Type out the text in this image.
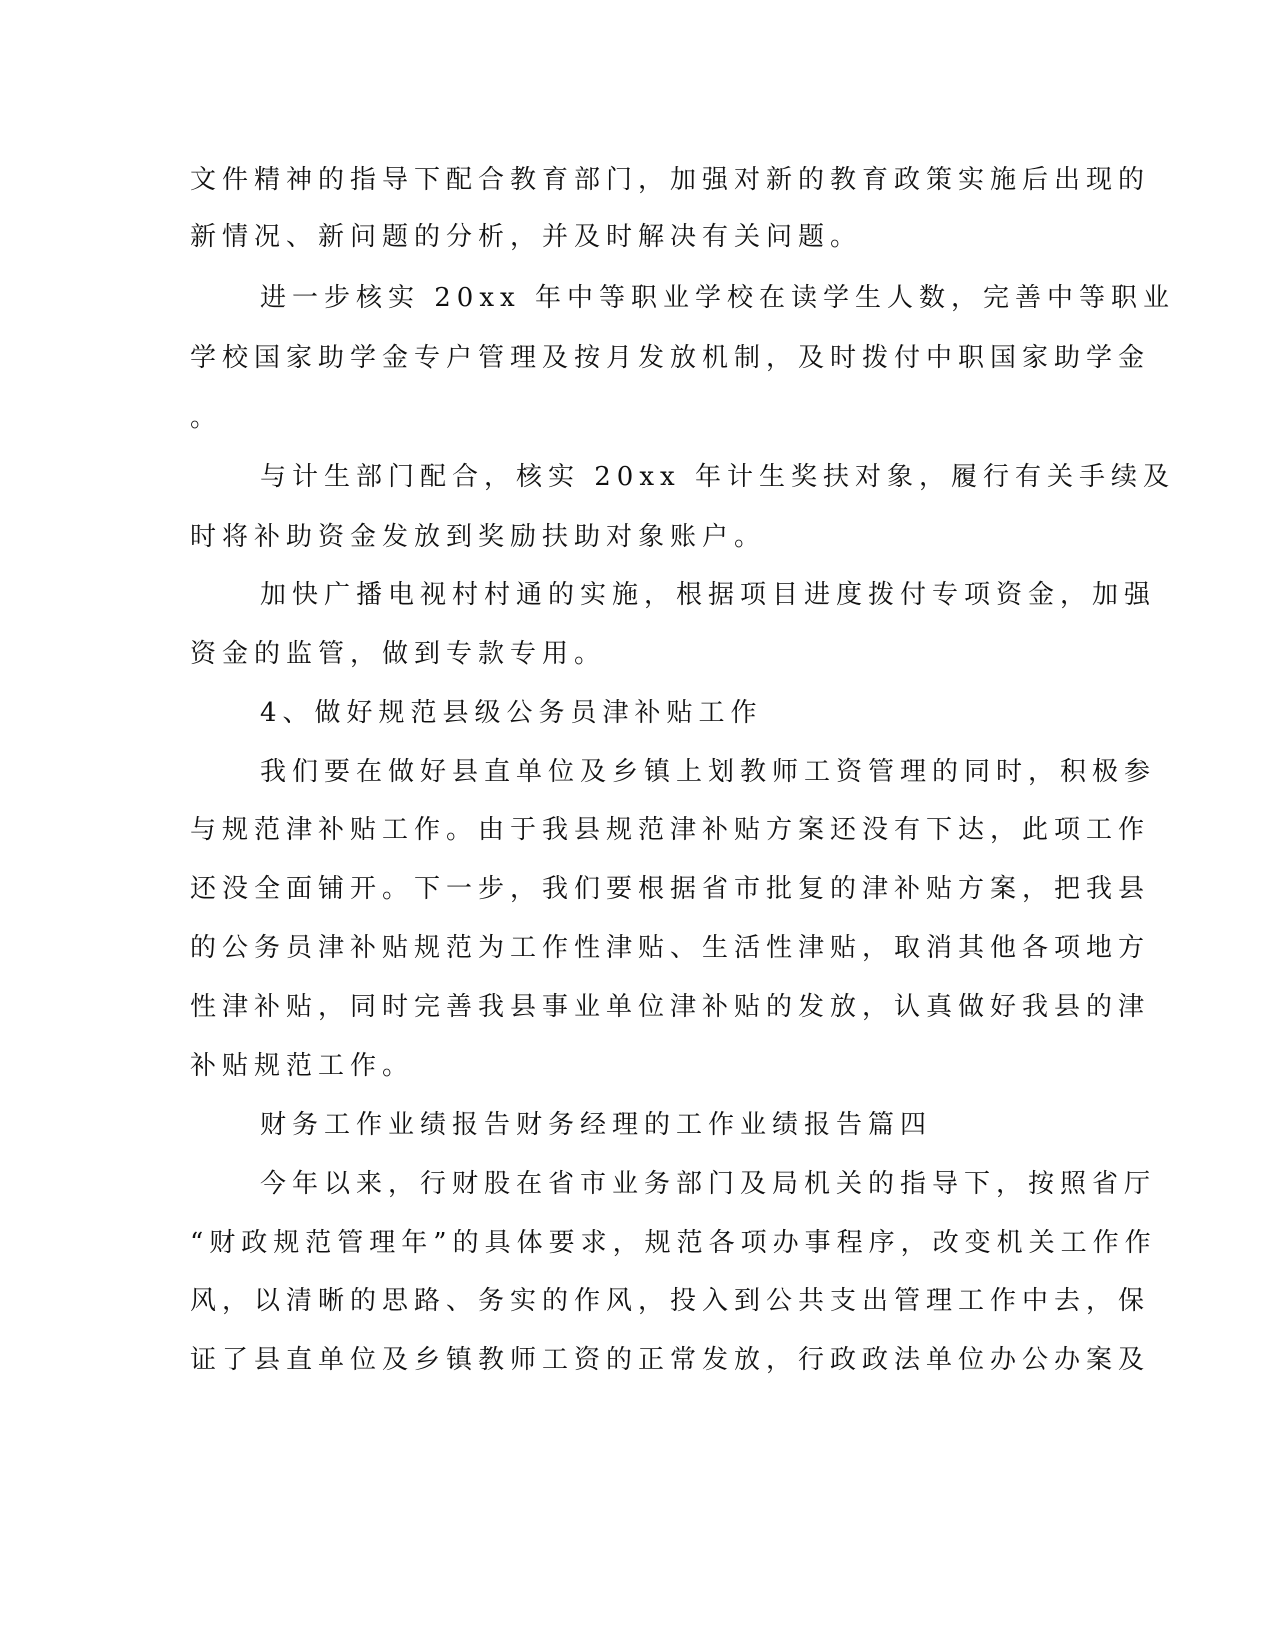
文件精神的指导下配合教育部门，加强对新的教育政策实施后出现的
新情况、新问题的分析，并及时解决有关问题。
进一步核实 20xx 年中等职业学校在读学生人数，完善中等职业
学校国家助学金专户管理及按月发放机制，及时拨付中职国家助学金
。
与计生部门配合，核实 20xx 年计生奖扶对象，履行有关手续及
时将补助资金发放到奖励扶助对象账户。
加快广播电视村村通的实施，根据项目进度拨付专项资金，加强
资金的监管，做到专款专用。
4、做好规范县级公务员津补贴工作
我们要在做好县直单位及乡镇上划教师工资管理的同时，积极参
与规范津补贴工作。由于我县规范津补贴方案还没有下达，此项工作
还没全面铺开。下一步，我们要根据省市批复的津补贴方案，把我县
的公务员津补贴规范为工作性津贴、生活性津贴，取消其他各项地方
性津补贴，同时完善我县事业单位津补贴的发放，认真做好我县的津
补贴规范工作。
财务工作业绩报告财务经理的工作业绩报告篇四
今年以来，行财股在省市业务部门及局机关的指导下，按照省厅
“财政规范管理年”的具体要求，规范各项办事程序，改变机关工作作
风，以清晰的思路、务实的作风，投入到公共支出管理工作中去，保
证了县直单位及乡镇教师工资的正常发放，行政政法单位办公办案及
